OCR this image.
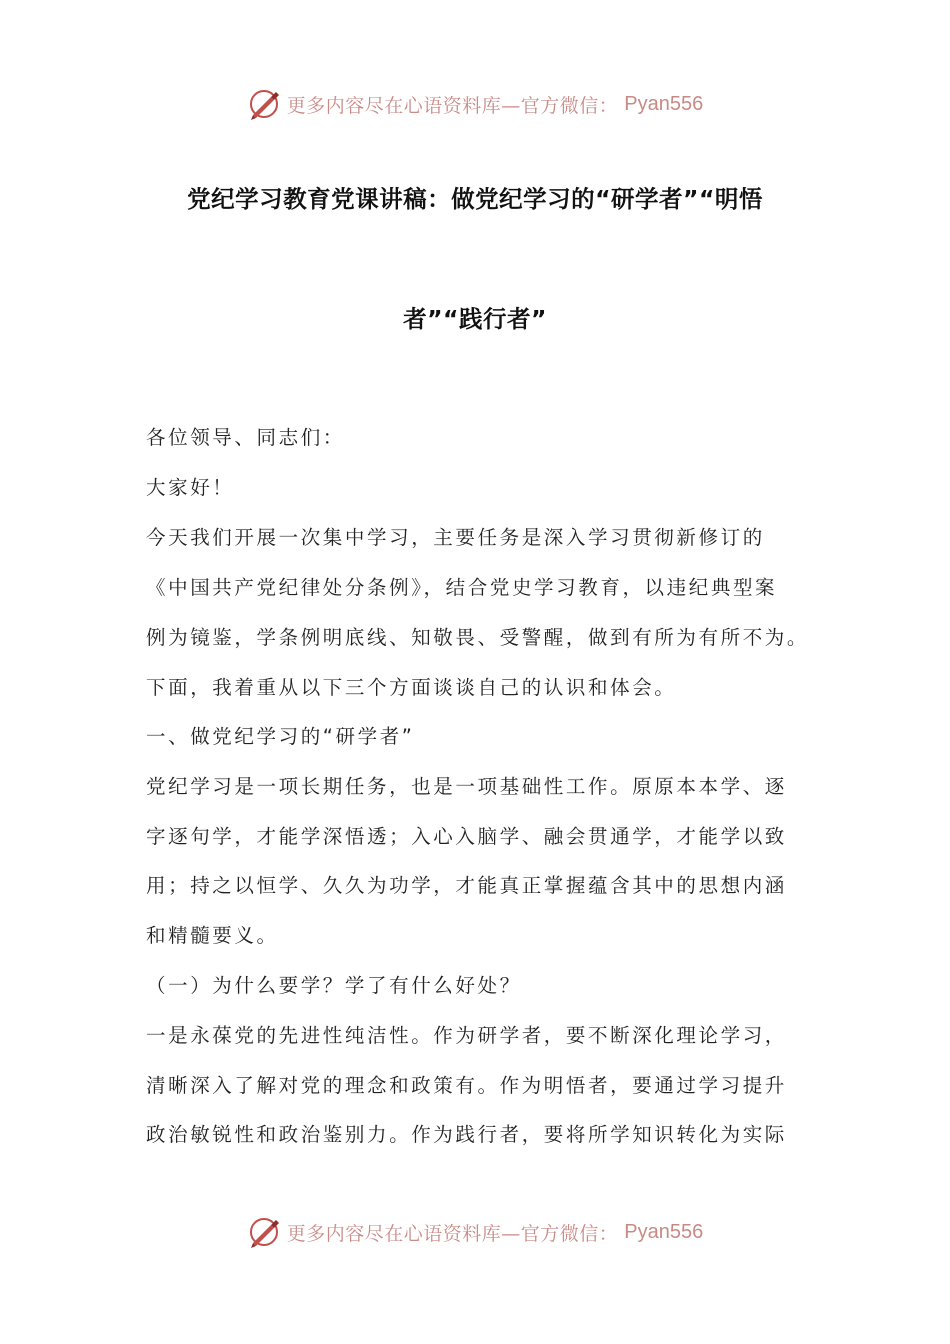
更多内容尽在心语资料库—官方微信： Pyan556
党纪学习教育党课讲稿：做党纪学习的“研学者”“明悟
者”“践行者”
各位领导、同志们：
大家好！
今天我们开展一次集中学习，主要任务是深入学习贯彻新修订的
《中国共产党纪律处分条例》，结合党史学习教育，以违纪典型案
例为镜鉴，学条例明底线、知敬畏、受警醒，做到有所为有所不为。
下面，我着重从以下三个方面谈谈自己的认识和体会。
一、做党纪学习的“研学者”
党纪学习是一项长期任务，也是一项基础性工作。原原本本学、逐
字逐句学，才能学深悟透；入心入脑学、融会贯通学，才能学以致
用；持之以恒学、久久为功学，才能真正掌握蕴含其中的思想内涵
和精髓要义。
（一）为什么要学？学了有什么好处？
一是永葆党的先进性纯洁性。作为研学者，要不断深化理论学习，
清晰深入了解对党的理念和政策有。作为明悟者，要通过学习提升
政治敏锐性和政治鉴别力。作为践行者，要将所学知识转化为实际
更多内容尽在心语资料库—官方微信： Pyan556
